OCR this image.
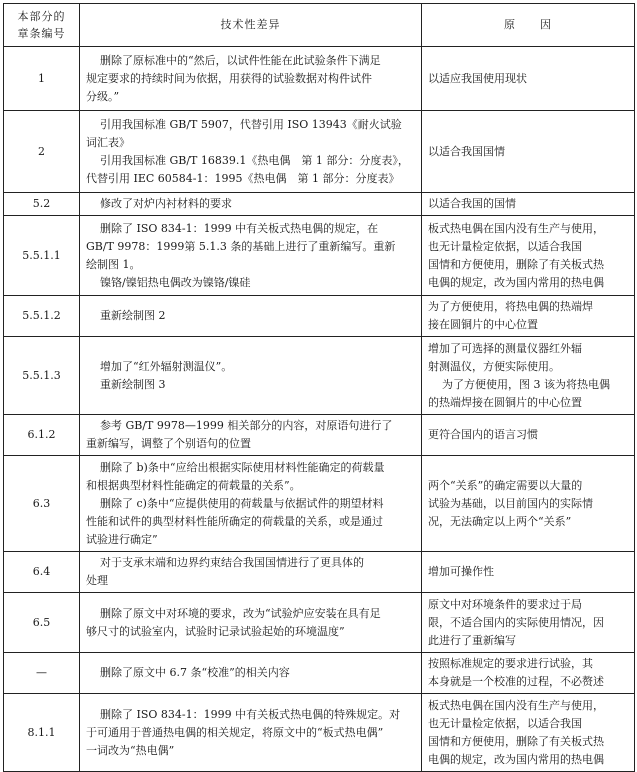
本部分的
章条编号	技术性差异	原　　因
1	删除了原标准中的“然后，以试件性能在此试验条件下满足
规定要求的持续时间为依据，用获得的试验数据对构件试件
分级。”	以适应我国使用现状
2	引用我国标准 GB/T 5907，代替引用 ISO 13943《耐火试验
词汇表》
引用我国标准 GB/T 16839.1《热电偶　第 1 部分：分度表》，
代替引用 IEC 60584-1：1995《热电偶　第 1 部分：分度表》	以适合我国国情
5.2	修改了对炉内衬材料的要求	以适合我国的国情
5.5.1.1	删除了 ISO 834-1：1999 中有关板式热电偶的规定，在
GB/T 9978：1999第 5.1.3 条的基础上进行了重新编写。重新
绘制图 1。
镍铬/镍铝热电偶改为镍铬/镍硅	板式热电偶在国内没有生产与使用，
也无计量检定依据，以适合我国
国情和方便使用，删除了有关板式热
电偶的规定，改为国内常用的热电偶
5.5.1.2	重新绘制图 2	为了方便使用，将热电偶的热端焊
接在圆铜片的中心位置
5.5.1.3	增加了“红外辐射测温仪”。
重新绘制图 3	增加了可选择的测量仪器红外辐
射测温仪，方便实际使用。
为了方便使用，图 3 该为将热电偶
的热端焊接在圆铜片的中心位置
6.1.2	参考 GB/T 9978—1999 相关部分的内容，对原语句进行了
重新编写，调整了个别语句的位置	更符合国内的语言习惯
6.3	删除了 b)条中“应给出根据实际使用材料性能确定的荷载量
和根据典型材料性能确定的荷载量的关系”。
删除了 c)条中“应提供使用的荷载量与依据试件的期望材料
性能和试件的典型材料性能所确定的荷载量的关系，或是通过
试验进行确定”	两个“关系”的确定需要以大量的
试验为基础，以目前国内的实际情
况，无法确定以上两个“关系”
6.4	对于支承末端和边界约束结合我国国情进行了更具体的
处理	增加可操作性
6.5	删除了原文中对环境的要求，改为“试验炉应安装在具有足
够尺寸的试验室内，试验时记录试验起始的环境温度”	原文中对环境条件的要求过于局
限，不适合国内的实际使用情况，因
此进行了重新编写
—	删除了原文中 6.7 条“校准”的相关内容	按照标准规定的要求进行试验，其
本身就是一个校准的过程，不必赘述
8.1.1	删除了 ISO 834-1：1999 中有关板式热电偶的特殊规定。对
于可通用于普通热电偶的相关规定，将原文中的“板式热电偶”
一词改为“热电偶”	板式热电偶在国内没有生产与使用，
也无计量检定依据，以适合我国
国情和方便使用，删除了有关板式热
电偶的规定，改为国内常用的热电偶
